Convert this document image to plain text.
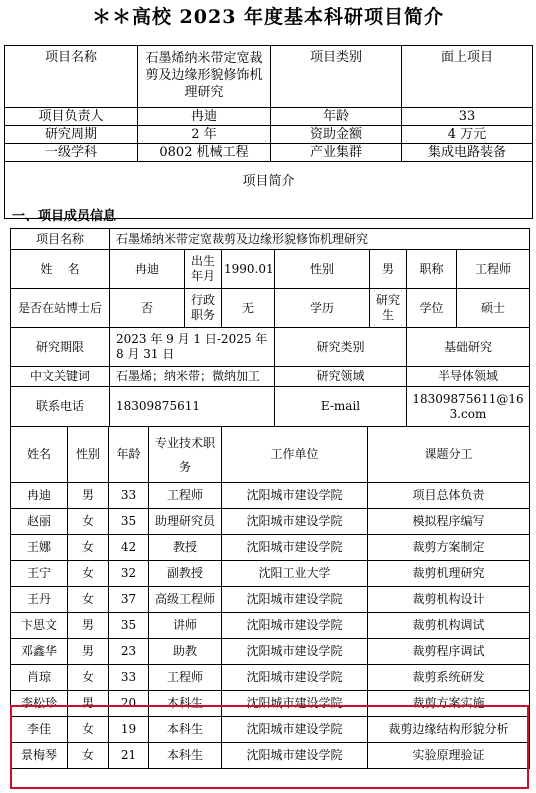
＊＊高校 2023 年度基本科研项目简介
项目名称	石墨烯纳米带定宽裁剪及边缘形貌修饰机理研究	项目类别	面上项目
项目负责人	冉迪	年龄	33
研究周期	2 年	资助金额	4 万元
一级学科	0802 机械工程	产业集群	集成电路装备
项目简介			
一、项目成员信息
项目名称	石墨烯纳米带定宽裁剪及边缘形貌修饰机理研究						
姓    名	冉迪	出生年月	1990.01	性别	男	职称	工程师
是否在站博士后	否	行政职务	无	学历	研究生	学位	硕士
研究期限	2023 年 9 月 1 日-2025 年 8 月 31 日			研究类别		基础研究	
中文关键词	石墨烯；纳米带；微纳加工			研究领域		半导体领域	
联系电话	18309875611			E-mail		18309875611@163.com	
姓名	性别	年龄	专业技术职务	工作单位	课题分工
冉迪	男	33	工程师	沈阳城市建设学院	项目总体负责
赵丽	女	35	助理研究员	沈阳城市建设学院	模拟程序编写
王娜	女	42	教授	沈阳城市建设学院	裁剪方案制定
王宁	女	32	副教授	沈阳工业大学	裁剪机理研究
王丹	女	37	高级工程师	沈阳城市建设学院	裁剪机构设计
卞思文	男	35	讲师	沈阳城市建设学院	裁剪机构调试
邓鑫华	男	23	助教	沈阳城市建设学院	裁剪程序调试
肖琼	女	33	工程师	沈阳城市建设学院	裁剪系统研发
李松珍	男	20	本科生	沈阳城市建设学院	裁剪方案实施
李佳	女	19	本科生	沈阳城市建设学院	裁剪边缘结构形貌分析
景梅琴	女	21	本科生	沈阳城市建设学院	实验原理验证
